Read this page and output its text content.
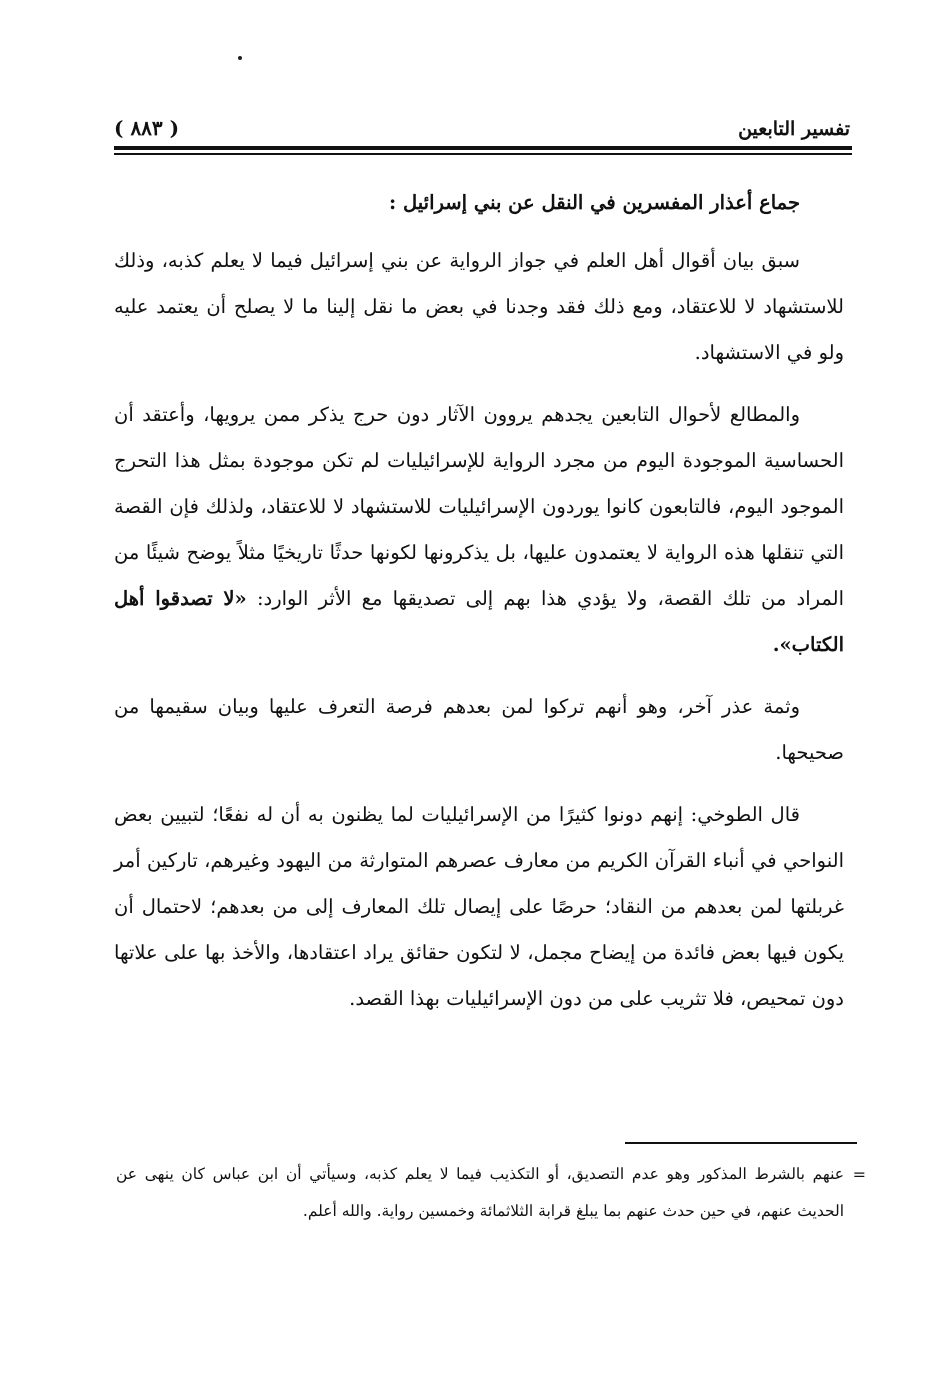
تفسير التابعين
( ٨٨٣ )

جماع أعذار المفسرين في النقل عن بني إسرائيل :

سبق بيان أقوال أهل العلم في جواز الرواية عن بني إسرائيل فيما لا يعلم كذبه، وذلك للاستشهاد لا للاعتقاد، ومع ذلك فقد وجدنا في بعض ما نقل إلينا ما لا يصلح أن يعتمد عليه ولو في الاستشهاد.

والمطالع لأحوال التابعين يجدهم يروون الآثار دون حرج يذكر ممن يرويها، وأعتقد أن الحساسية الموجودة اليوم من مجرد الرواية للإسرائيليات لم تكن موجودة بمثل هذا التحرج الموجود اليوم، فالتابعون كانوا يوردون الإسرائيليات للاستشهاد لا للاعتقاد، ولذلك فإن القصة التي تنقلها هذه الرواية لا يعتمدون عليها، بل يذكرونها لكونها حدثًا تاريخيًا مثلاً يوضح شيئًا من المراد من تلك القصة، ولا يؤدي هذا بهم إلى تصديقها مع الأثر الوارد: «لا تصدقوا أهل الكتاب».

وثمة عذر آخر، وهو أنهم تركوا لمن بعدهم فرصة التعرف عليها وبيان سقيمها من صحيحها.

قال الطوخي: إنهم دونوا كثيرًا من الإسرائيليات لما يظنون به أن له نفعًا؛ لتبيين بعض النواحي في أنباء القرآن الكريم من معارف عصرهم المتوارثة من اليهود وغيرهم، تاركين أمر غربلتها لمن بعدهم من النقاد؛ حرصًا على إيصال تلك المعارف إلى من بعدهم؛ لاحتمال أن يكون فيها بعض فائدة من إيضاح مجمل، لا لتكون حقائق يراد اعتقادها، والأخذ بها على علاتها دون تمحيص، فلا تثريب على من دون الإسرائيليات بهذا القصد.

=
عنهم بالشرط المذكور وهو عدم التصديق، أو التكذيب فيما لا يعلم كذبه، وسيأتي أن ابن عباس كان ينهى عن الحديث عنهم، في حين حدث عنهم بما يبلغ قرابة الثلاثمائة وخمسين رواية. والله أعلم.
